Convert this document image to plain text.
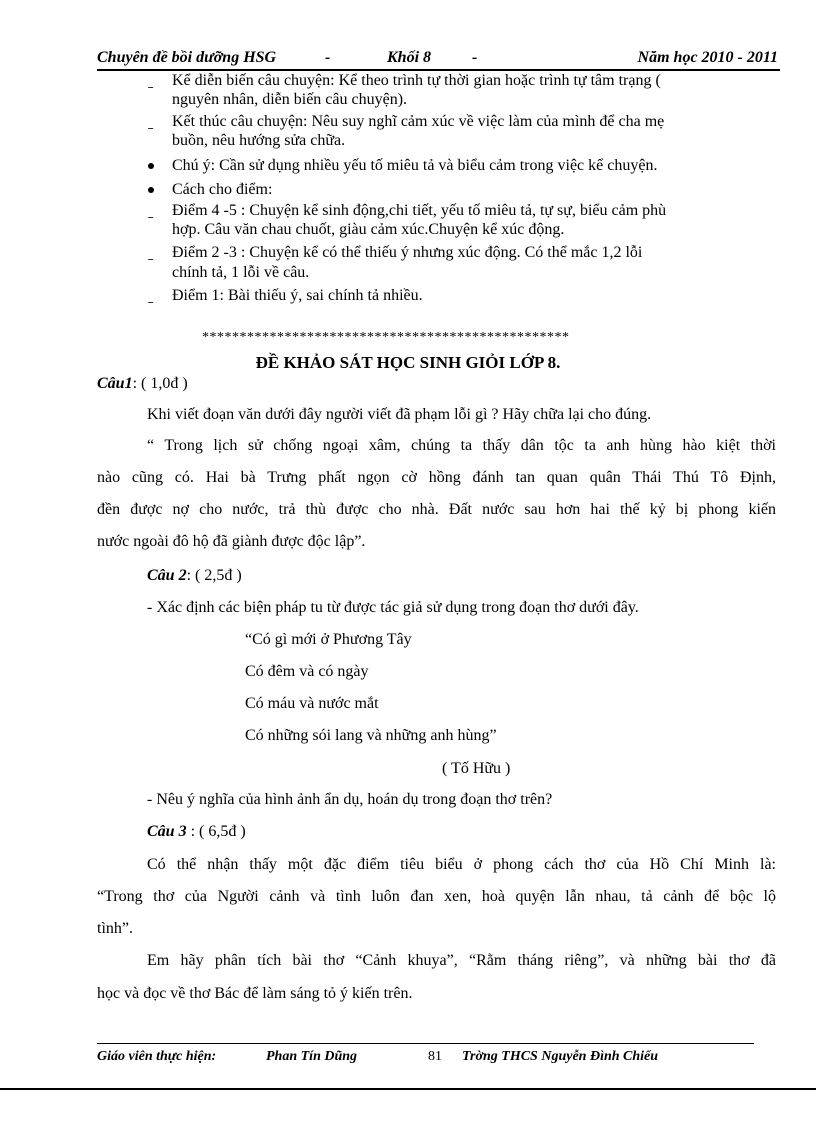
Chuyên đề bồi dưỡng HSG	-	Khối 8	-	Năm học 2010 - 2011
ˍ Kể diễn biến câu chuyện: Kể theo trình tự thời gian hoặc trình tự tâm trạng (
nguyên nhân, diễn biến câu chuyện).
ˍ Kết thúc câu chuyện: Nêu suy nghĩ cảm xúc về việc làm của mình để cha mẹ
buồn, nêu hướng sửa chữa.
Chú ý: Cần sử dụng nhiều yếu tố miêu tả và biểu cảm trong việc kể chuyện.
Cách cho điểm:
ˍ Điểm 4 -5 : Chuyện kể sinh động,chi tiết, yếu tố miêu tả, tự sự, biểu cảm phù
hợp. Câu văn chau chuốt, giàu cảm xúc.Chuyện kể xúc động.
ˍ Điểm 2 -3 : Chuyện kể có thể thiếu ý nhưng xúc động. Có thể mắc 1,2 lỗi
chính tả, 1 lỗi về câu.
ˍ Điểm 1: Bài thiếu ý, sai chính tả nhiều.
*************************************************
ĐỀ KHẢO SÁT HỌC SINH GIỎI LỚP 8.
Câu1: ( 1,0đ )
Khi viết đoạn văn dưới đây người viết đã phạm lỗi gì ? Hãy chữa lại cho đúng.
“ Trong lịch sử chống ngoại xâm, chúng ta thấy dân tộc ta anh hùng hào kiệt thời
nào cũng có. Hai bà Trưng phất ngọn cờ hồng đánh tan quan quân Thái Thú Tô Định,
đền được nợ cho nước, trả thù được cho nhà. Đất nước sau hơn hai thế kỷ bị phong kiến
nước ngoài đô hộ đã giành được độc lập”.
Câu 2: ( 2,5đ )
- Xác định các biện pháp tu từ được tác giả sử dụng trong đoạn thơ dưới đây.
“Có gì mới ở Phương Tây
Có đêm và có ngày
Có máu và nước mắt
Có những sói lang và những anh hùng”
( Tố Hữu )
- Nêu ý nghĩa của hình ảnh ẩn dụ, hoán dụ trong đoạn thơ trên?
Câu 3 : ( 6,5đ )
Có thể nhận thấy một đặc điểm tiêu biểu ở phong cách thơ của Hồ Chí Minh là:
“Trong thơ của Người cảnh và tình luôn đan xen, hoà quyện lẫn nhau, tả cảnh để bộc lộ
tình”.
Em hãy phân tích bài thơ “Cảnh khuya”, “Rằm tháng riêng”, và những bài thơ đã
học và đọc về thơ Bác để làm sáng tỏ ý kiến trên.
Giáo viên thực hiện:	Phan Tín Dũng	81 Trờng THCS Nguyễn Đình Chiểu
